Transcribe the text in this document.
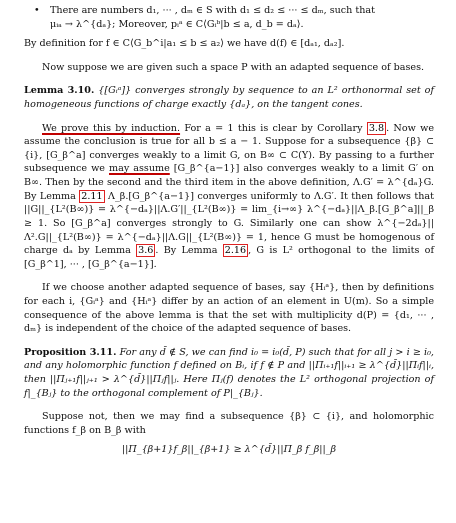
• There are numbers d₁, ··· , dₘ ∈ S with d₁ ≤ d₂ ≤ ··· ≤ dₘ, such that
μᵢₐ → λ^{dₐ}; Moreover, pᵢᵃ ∈ C⟨Gᵢᵇ|b ≤ a, d_b = dₐ⟩.

By definition for f ∈ C⟨G_b^i|a₁ ≤ b ≤ a₂⟩ we have d(f) ∈ [dₐ₁, dₐ₂].

Now suppose we are given such a space P with an adapted sequence of bases.

Lemma 3.10. {[Gᵢᵃ]} converges strongly by sequence to an L² orthonormal set of homogeneous functions of charge exactly {dₐ}, on the tangent cones.

We prove this by induction. For a = 1 this is clear by Corollary 3.8 . Now we assume the conclusion is true for all b ≤ a − 1. Suppose for a subsequence {β} ⊂ {i}, [G_β^a] converges weakly to a limit G, on B∞ ⊂ C(Y). By passing to a further subsequence we may assume [G_β^{a−1}] also converges weakly to a limit G′ on B∞. Then by the second and the third item in the above definition, Λ.G′ = λ^{dₐ}G. By Lemma 2.11 Λ_β.[G_β^{a−1}] converges uniformly to Λ.G′. It then follows that ||G||_{L²(B∞)} = λ^{−dₐ}||Λ.G′||_{L²(B∞)} = lim_{i→∞} λ^{−dₐ}||Λ_β.[G_β^a]||_β ≥ 1. So [G_β^a] converges strongly to G. Similarly one can show λ^{−2dₐ}||Λ².G||_{L²(B∞)} = λ^{−dₐ}||Λ.G||_{L²(B∞)} = 1, hence G must be homogenous of charge dₐ by Lemma 3.6 . By Lemma 2.16 , G is L² orthogonal to the limits of [G_β^1], ··· , [G_β^{a−1}].

If we choose another adapted sequence of bases, say {Hᵢᵃ}, then by definitions for each i, {Gᵢᵃ} and {Hᵢᵃ} differ by an action of an element in U(m). So a simple consequence of the above lemma is that the set with multiplicity d(P) = {d₁, ··· , dₘ} is independent of the choice of the adapted sequence of bases.

Proposition 3.11. For any d̄ ∉ S, we can find i₀ = i₀(d̄, P) such that for all j > i ≥ i₀, and any holomorphic function f defined on Bᵢ, if f ∉ P and ||Πᵢ₊₁f||ᵢ₊₁ ≥ λ^{d̄}||Πᵢf||ᵢ, then ||Πⱼ₊₁f||ⱼ₊₁ > λ^{d̄}||Πⱼf||ⱼ. Here Πⱼ(f) denotes the L² orthogonal projection of f|_{Bⱼ} to the orthogonal complement of P|_{Bⱼ}.

Suppose not, then we may find a subsequence {β} ⊂ {i}, and holomorphic functions f_β on B_β with

||Π_{β+1}f_β||_{β+1} ≥ λ^{d̄}||Π_β f_β||_β
